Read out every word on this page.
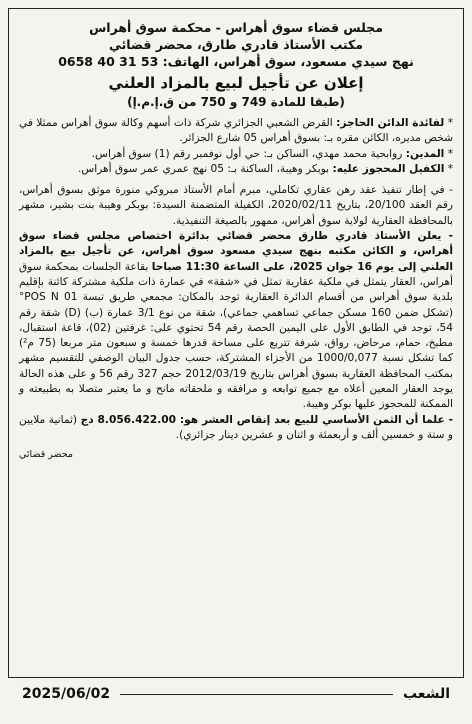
مجلس قضاء سوق أهراس - محكمة سوق أهراس
مكتب الأستاذ قادري طارق، محضر قضائي
نهج سيدي مسعود، سوق أهراس، الهاتف: 53 31 40 0658
إعلان عن تأجيل لبيع بالمزاد العلني
(طبقا للمادة 749 و 750 من ق.إ.م.إ)

* لفائدة الدائن الحاجز: القرض الشعبي الجزائري شركة ذات أسهم وكالة سوق أهراس ممثلا في شخص مديره، الكائن مقره بـ: بسوق أهراس 05 شارع الجزائر.

* المدين: روابحية محمد مهدي، الساكن بـ: حي أول نوفمبر رقم (1) سوق أهراس.

* الكفيل المحجوز عليه: بوبكر وهيبة، الساكنة بـ: 05 نهج عمري عمر سوق أهراس.

- في إطار تنفيذ عقد رهن عقاري تكاملي، مبرم أمام الأستاذ مبروكي منورة موثق بسوق أهراس، رقم العقد 20/100، بتاريخ 2020/02/11، الكفيلة المتضمنة السيدة: بوبكر وهيبة بنت بشير، مشهر بالمحافظة العقارية لولاية سوق أهراس، ممهور بالصيغة التنفيذية.

- يعلن الأستاذ قادري طارق محضر قضائي بدائرة اختصاص مجلس قضاء سوق أهراس، و الكائن مكتبه بنهج سيدي مسعود سوق أهراس، عن تأجيل بيع بالمزاد العلني إلى يوم 16 جوان 2025، على الساعة 11:30 صباحا بقاعة الجلسات بمحكمة سوق أهراس، العقار يتمثل في ملكية عقارية تمثل في «شقة» في عمارة ذات ملكية مشتركة كائنة بإقليم بلدية سوق أهراس من أقسام الدائرة العقارية توجد بالمكان: مجمعي طريق تبسة 01 POS N° (تشكل ضمن 160 مسكن جماعي تساهمي جماعي)، شقة من نوع 3/1 عمارة (ب) (D) شقة رقم 54، توجد في الطابق الأول على اليمين الحصة رقم 54 تحتوي على: غرفتين (02)، قاعة استقبال، مطبخ، حمام، مرحاض، رواق، شرفة تتربع على مساحة قدرها خمسة و سبعون متر مربعا (75 م²) كما تشكل نسبة 1000/0,077 من الأجزاء المشتركة، حسب جدول البيان الوصفي للتقسيم مشهر بمكتب المحافظة العقارية بسوق أهراس بتاريخ 2012/03/19 حجم 327 رقم 56 و على هذه الحالة يوجد العقار المعين أعلاه مع جميع توابعه و مرافقه و ملحقاته مانح و ما يعتبر متصلا به بطبيعته و الممكنة للمحجوز عليها بوكر وهيبة.

- علما أن الثمن الأساسي للبيع بعد إنقاص العشر هو: 8.056.422.00 دج (ثمانية ملايين و ستة و خمسين ألف و أربعمئة و اثنان و عشرين دينار جزائري).

محضر قضائي
2025/06/02	الشعب
